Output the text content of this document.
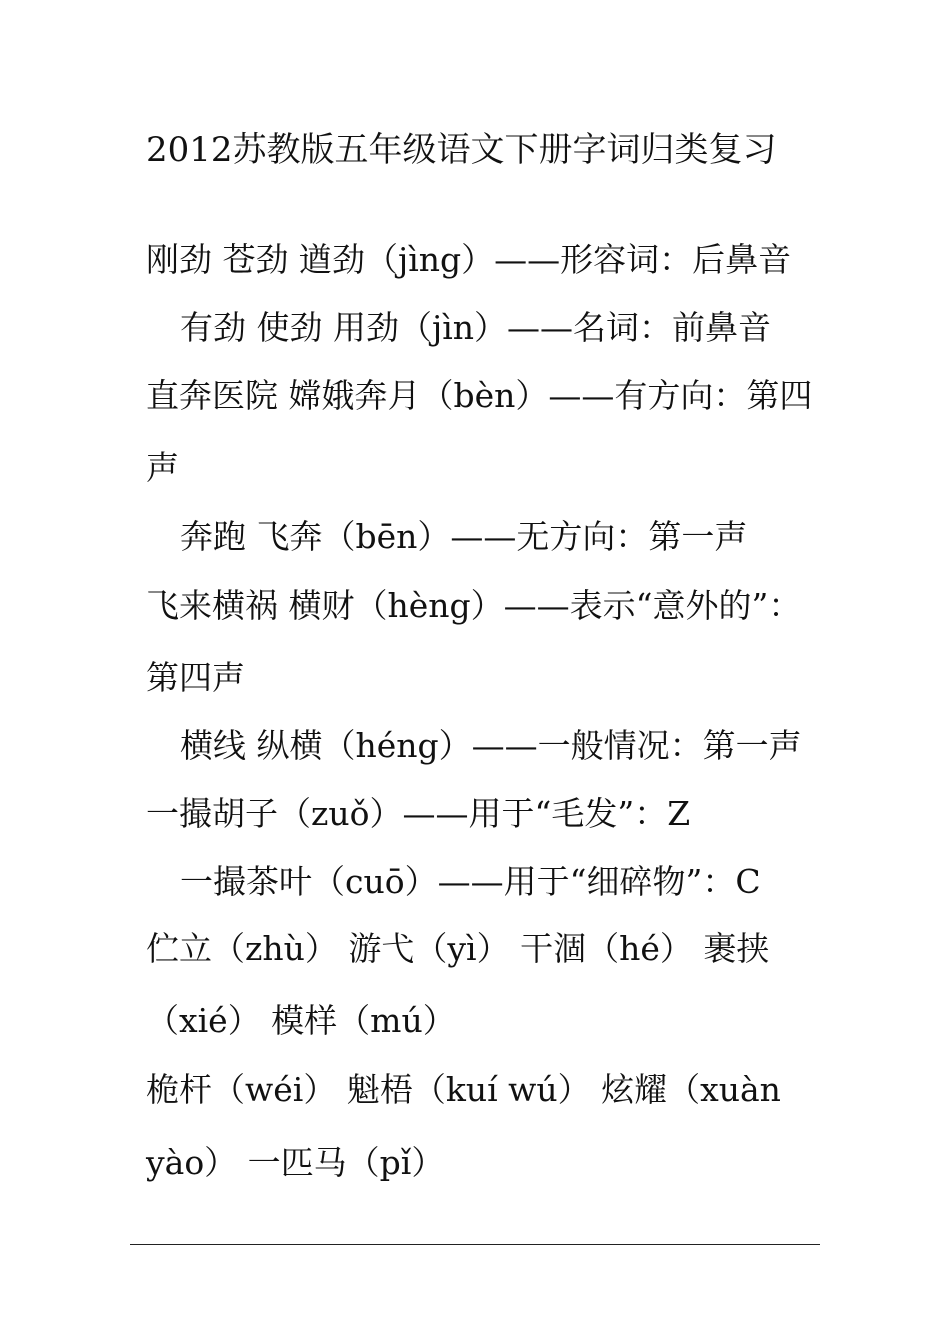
2012苏教版五年级语文下册字词归类复习
刚劲 苍劲 遒劲（jìng）——形容词：后鼻音
有劲 使劲 用劲（jìn）——名词：前鼻音
直奔医院 嫦娥奔月（bèn）——有方向：第四
声
奔跑 飞奔（bēn）——无方向：第一声
飞来横祸 横财（hèng）——表示“意外的”：
第四声
横线 纵横（héng）——一般情况：第一声
一撮胡子（zuǒ）——用于“毛发”：Z
一撮茶叶（cuō）——用于“细碎物”：C
伫立（zhù） 游弋（yì） 干涸（hé） 裹挟
（xié） 模样（mú）
桅杆（wéi） 魁梧（kuí wú） 炫耀（xuàn
yào） 一匹马（pǐ）
